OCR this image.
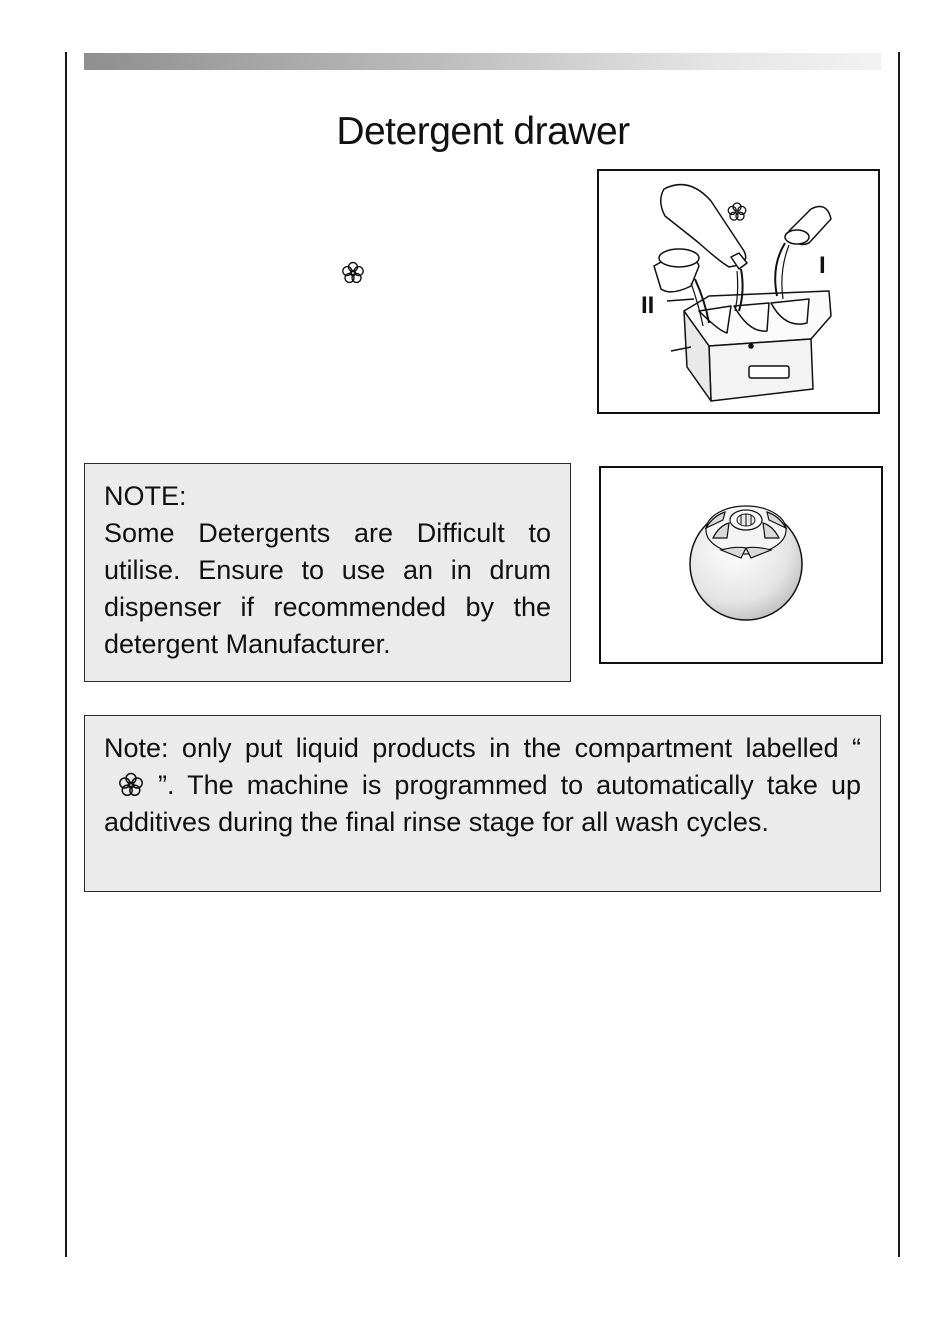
Detergent drawer
I
II
NOTE:

Some Detergents are Difficult to utilise. Ensure to use an in drum dispenser if recommended by the detergent Manufacturer.

Note: only put liquid products in the compartment labelled “”. The machine is programmed to automatically take up additives during the final rinse stage for all wash cycles.
